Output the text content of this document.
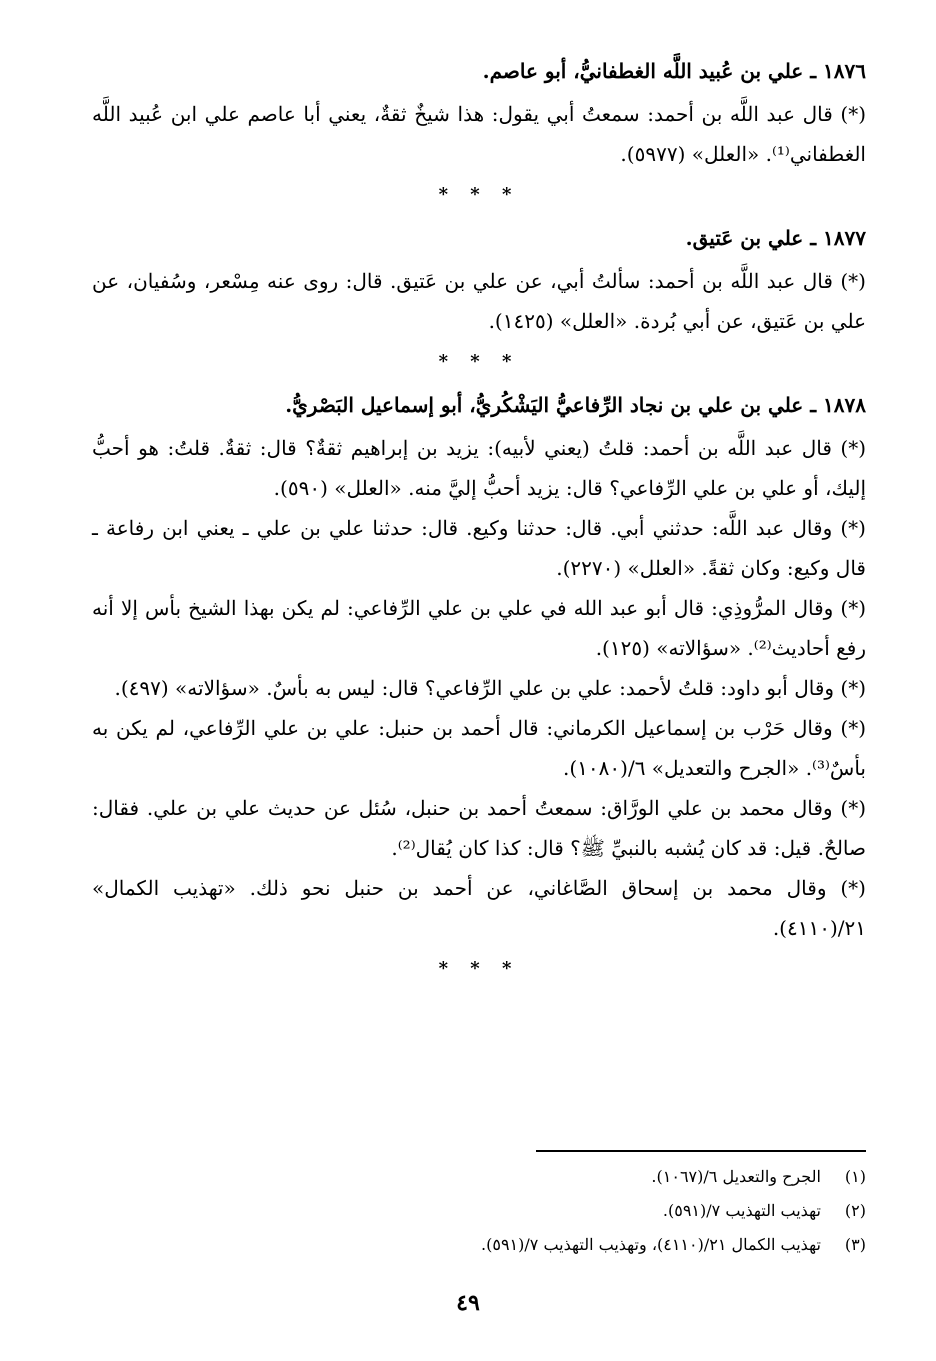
١٨٧٦ ـ علي بن عُبيد اللَّه الغطفانيُّ، أبو عاصم.

(*) قال عبد اللَّه بن أحمد: سمعتُ أبي يقول: هذا شيخٌ ثقةٌ، يعني أبا عاصم علي ابن عُبيد اللَّه الغطفاني⁽¹⁾. «العلل» (٥٩٧٧).

* * *
١٨٧٧ ـ علي بن عَتيق.

(*) قال عبد اللَّه بن أحمد: سألتُ أبي، عن علي بن عَتيق. قال: روى عنه مِسْعر، وسُفيان، عن علي بن عَتيق، عن أبي بُردة. «العلل» (١٤٢٥).

* * *
١٨٧٨ ـ علي بن علي بن نجاد الرِّفاعيُّ اليَشْكُريُّ، أبو إسماعيل البَصْريُّ.

(*) قال عبد اللَّه بن أحمد: قلتُ (يعني لأبيه): يزيد بن إبراهيم ثقةٌ؟ قال: ثقةٌ. قلتُ: هو أحبُّ إليك، أو علي بن علي الرِّفاعي؟ قال: يزيد أحبُّ إليَّ منه. «العلل» (٥٩٠).

(*) وقال عبد اللَّه: حدثني أبي. قال: حدثنا وكيع. قال: حدثنا علي بن علي ـ يعني ابن رفاعة ـ قال وكيع: وكان ثقةً. «العلل» (٢٢٧٠).

(*) وقال المرُّوذِي: قال أبو عبد الله في علي بن علي الرِّفاعي: لم يكن بهذا الشيخ بأس إلا أنه رفع أحاديث⁽²⁾. «سؤالاته» (١٢٥).

(*) وقال أبو داود: قلتُ لأحمد: علي بن علي الرِّفاعي؟ قال: ليس به بأسٌ. «سؤالاته» (٤٩٧).

(*) وقال حَرْب بن إسماعيل الكرماني: قال أحمد بن حنبل: علي بن علي الرِّفاعي، لم يكن به بأسٌ⁽³⁾. «الجرح والتعديل» ٦/(١٠٨٠).

(*) وقال محمد بن علي الورَّاق: سمعتُ أحمد بن حنبل، سُئل عن حديث علي بن علي. فقال: صالحٌ. قيل: قد كان يُشبه بالنبيِّ ﷺ؟ قال: كذا كان يُقال⁽²⁾.

(*) وقال محمد بن إسحاق الصَّاغاني، عن أحمد بن حنبل نحو ذلك. «تهذيب الكمال» ٢١/(٤١١٠).

* * *
(١) الجرح والتعديل ٦/(١٠٦٧).
(٢) تهذيب التهذيب ٧/(٥٩١).
(٣) تهذيب الكمال ٢١/(٤١١٠)، وتهذيب التهذيب ٧/(٥٩١).
٤٩
